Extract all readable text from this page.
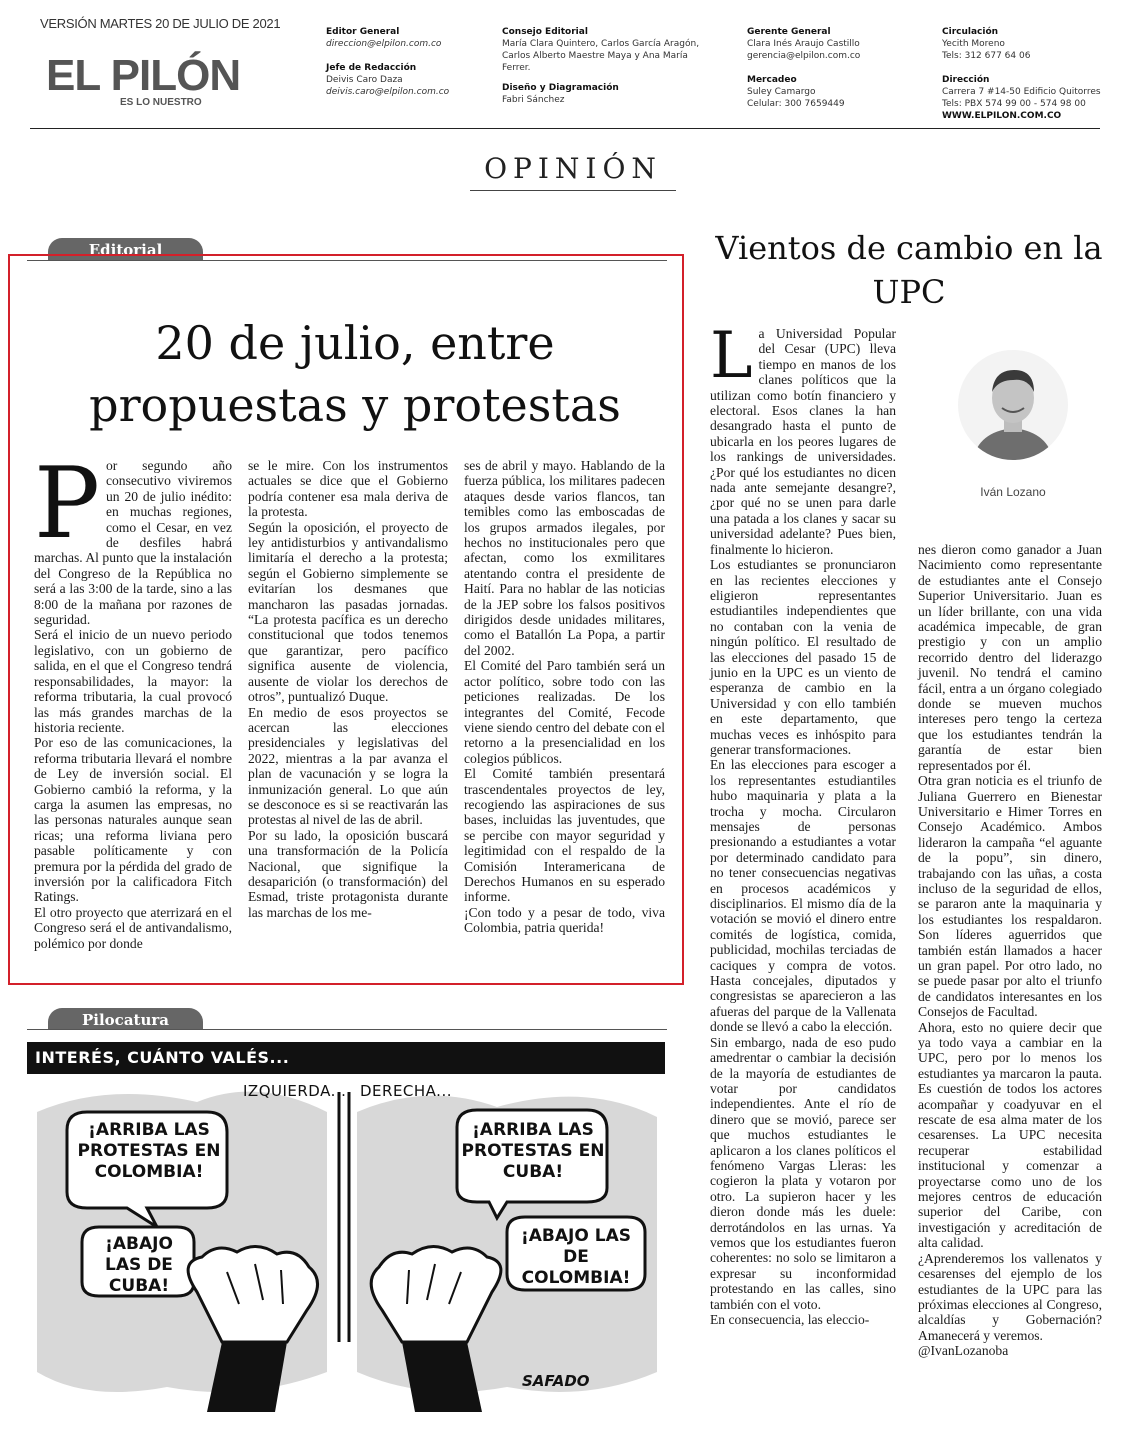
VERSIÓN MARTES 20 DE JULIO DE 2021
EL PILÓN
ES LO NUESTRO
Editor General
direccion@elpilon.com.co

Jefe de Redacción
Deivis Caro Daza
deivis.caro@elpilon.com.co
Consejo Editorial
María Clara Quintero, Carlos García Aragón, Carlos Alberto Maestre Maya y Ana María Ferrer.

Diseño y Diagramación
Fabri Sánchez
Gerente General
Clara Inés Araujo Castillo
gerencia@elpilon.com.co

Mercadeo
Suley Camargo
Celular: 300 7659449
Circulación
Yecith Moreno
Tels: 312 677 64 06

Dirección
Carrera 7 #14-50 Edificio Quitorres
Tels: PBX 574 99 00 - 574 98 00
WWW.ELPILON.COM.CO
OPINIÓN
Editorial
20 de julio, entre propuestas y protestas
P or segundo año consecutivo viviremos un 20 de julio inédito: en muchas regiones, como el Cesar, en vez de desfiles habrá marchas. Al punto que la instalación del Congreso de la República no será a las 3:00 de la tarde, sino a las 8:00 de la mañana por razones de seguridad.

Será el inicio de un nuevo periodo legislativo, con un gobierno de salida, en el que el Congreso tendrá responsabilidades, la mayor: la reforma tributaria, la cual provocó las más grandes marchas de la historia reciente.

Por eso de las comunicaciones, la reforma tributaria llevará el nombre de Ley de inversión social. El Gobierno cambió la reforma, y la carga la asumen las empresas, no las personas naturales aunque sean ricas; una reforma liviana pero pasable políticamente y con premura por la pérdida del grado de inversión por la calificadora Fitch Ratings.

El otro proyecto que aterrizará en el Congreso será el de antivandalismo, polémico por donde

se le mire. Con los instrumentos actuales se dice que el Gobierno podría contener esa mala deriva de la protesta.

Según la oposición, el proyecto de ley antidisturbios y antivandalismo limitaría el derecho a la protesta; según el Gobierno simplemente se evitarían los desmanes que mancharon las pasadas jornadas. “La protesta pacífica es un derecho constitucional que todos tenemos que garantizar, pero pacífico significa ausente de violencia, ausente de violar los derechos de otros”, puntualizó Duque.

En medio de esos proyectos se acercan las elecciones presidenciales y legislativas del 2022, mientras a la par avanza el plan de vacunación y se logra la inmunización general. Lo que aún se desconoce es si se reactivarán las protestas al nivel de las de abril.

Por su lado, la oposición buscará una transformación de la Policía Nacional, que signifique la desaparición (o transformación) del Esmad, triste protagonista durante las marchas de los me-

ses de abril y mayo. Hablando de la fuerza pública, los militares padecen ataques desde varios flancos, tan temibles como las emboscadas de los grupos armados ilegales, por hechos no institucionales pero que afectan, como los exmilitares atentando contra el presidente de Haití. Para no hablar de las noticias de la JEP sobre los falsos positivos dirigidos desde unidades militares, como el Batallón La Popa, a partir del 2002.

El Comité del Paro también será un actor político, sobre todo con las peticiones realizadas. De los integrantes del Comité, Fecode viene siendo centro del debate con el retorno a la presencialidad en los colegios públicos.

El Comité también presentará trascendentales proyectos de ley, recogiendo las aspiraciones de sus bases, incluidas las juventudes, que se percibe con mayor seguridad y legitimidad con el respaldo de la Comisión Interamericana de Derechos Humanos en su esperado informe.

¡Con todo y a pesar de todo, viva Colombia, patria querida!

Pilocatura
INTERÉS, CUÁNTO VALÉS...
IZQUIERDA... DERECHA...
¡ARRIBA LAS PROTESTAS EN COLOMBIA!
¡ABAJO LAS DE CUBA!
¡ARRIBA LAS PROTESTAS EN CUBA!
¡ABAJO LAS DE COLOMBIA!
SAFADO
Vientos de cambio en la UPC
Iván Lozano
L a Universidad Popular del Cesar (UPC) lleva tiempo en manos de los clanes políticos que la utilizan como botín financiero y electoral. Esos clanes la han desangrado hasta el punto de ubicarla en los peores lugares de los rankings de universidades. ¿Por qué los estudiantes no dicen nada ante semejante desangre?, ¿por qué no se unen para darle una patada a los clanes y sacar su universidad adelante? Pues bien, finalmente lo hicieron.

Los estudiantes se pronunciaron en las recientes elecciones y eligieron representantes estudiantiles independientes que no contaban con la venia de ningún político. El resultado de las elecciones del pasado 15 de junio en la UPC es un viento de esperanza de cambio en la Universidad y con ello también en este departamento, que muchas veces es inhóspito para generar transformaciones.

En las elecciones para escoger a los representantes estudiantiles hubo maquinaria y plata a la trocha y mocha. Circularon mensajes de personas presionando a estudiantes a votar por determinado candidato para no tener consecuencias negativas en procesos académicos y disciplinarios. El mismo día de la votación se movió el dinero entre comités de logística, comida, publicidad, mochilas terciadas de caciques y compra de votos. Hasta concejales, diputados y congresistas se aparecieron a las afueras del parque de la Vallenata donde se llevó a cabo la elección.

Sin embargo, nada de eso pudo amedrentar o cambiar la decisión de la mayoría de estudiantes de votar por candidatos independientes. Ante el río de dinero que se movió, parece ser que muchos estudiantes le aplicaron a los clanes políticos el fenómeno Vargas Lleras: les cogieron la plata y votaron por otro. La supieron hacer y les dieron donde más les duele: derrotándolos en las urnas. Ya vemos que los estudiantes fueron coherentes: no solo se limitaron a expresar su inconformidad protestando en las calles, sino también con el voto.

En consecuencia, las eleccio-

nes dieron como ganador a Juan Nacimiento como representante de estudiantes ante el Consejo Superior Universitario. Juan es un líder brillante, con una vida académica impecable, de gran prestigio y con un amplio recorrido dentro del liderazgo juvenil. No tendrá el camino fácil, entra a un órgano colegiado donde se mueven muchos intereses pero tengo la certeza que los estudiantes tendrán la garantía de estar bien representados por él.

Otra gran noticia es el triunfo de Juliana Guerrero en Bienestar Universitario e Himer Torres en Consejo Académico. Ambos lideraron la campaña “el aguante de la popu”, sin dinero, trabajando con las uñas, a costa incluso de la seguridad de ellos, se pararon ante la maquinaria y los estudiantes los respaldaron. Son líderes aguerridos que también están llamados a hacer un gran papel. Por otro lado, no se puede pasar por alto el triunfo de candidatos interesantes en los Consejos de Facultad.

Ahora, esto no quiere decir que ya todo vaya a cambiar en la UPC, pero por lo menos los estudiantes ya marcaron la pauta. Es cuestión de todos los actores acompañar y coadyuvar en el rescate de esa alma mater de los cesarenses. La UPC necesita recuperar estabilidad institucional y comenzar a proyectarse como uno de los mejores centros de educación superior del Caribe, con investigación y acreditación de alta calidad.

¿Aprenderemos los vallenatos y cesarenses del ejemplo de los estudiantes de la UPC para las próximas elecciones al Congreso, alcaldías y Gobernación? Amanecerá y veremos.

@IvanLozanoba
